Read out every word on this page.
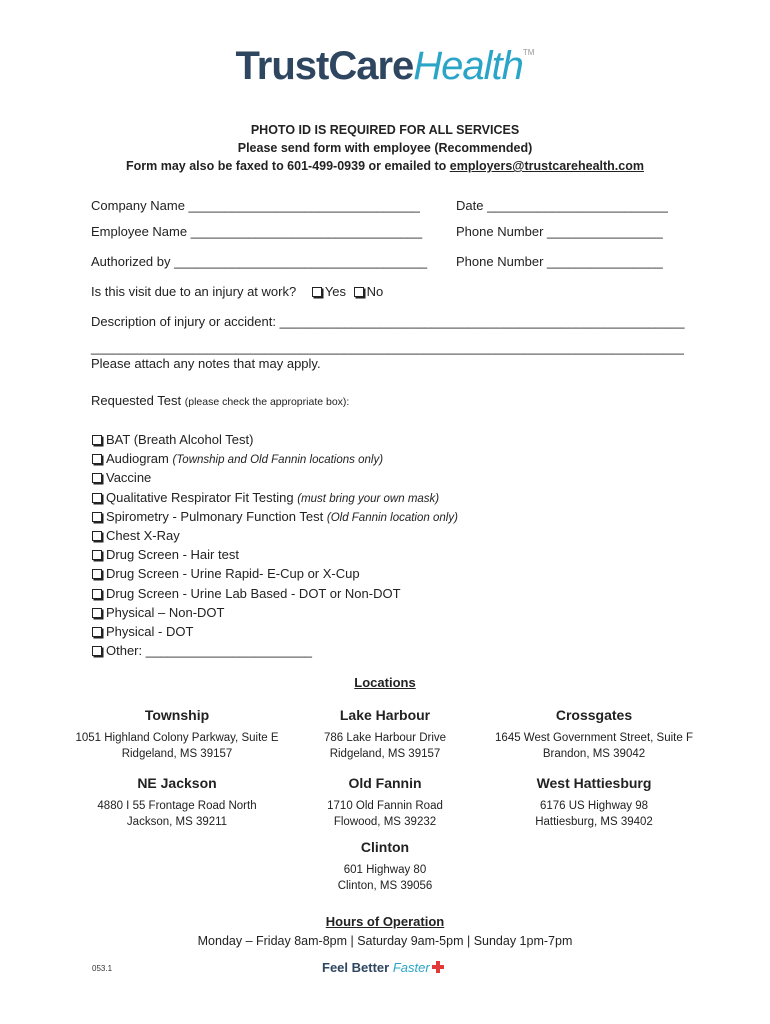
TrustCareHealth™
PHOTO ID IS REQUIRED FOR ALL SERVICES
Please send form with employee (Recommended)
Form may also be faxed to 601-499-0939 or emailed to employers@trustcarehealth.com
Company Name ________________________________	Date _________________________
Employee Name ________________________________	Phone Number ________________
Authorized by ___________________________________ Phone Number ________________
Is this visit due to an injury at work? Yes No
Description of injury or accident: ________________________________________________________
__________________________________________________________________________________
Please attach any notes that may apply.
Requested Test (please check the appropriate box):
BAT (Breath Alcohol Test)
Audiogram (Township and Old Fannin locations only)
Vaccine
Qualitative Respirator Fit Testing (must bring your own mask)
Spirometry - Pulmonary Function Test (Old Fannin location only)
Chest X-Ray
Drug Screen - Hair test
Drug Screen - Urine Rapid- E-Cup or X-Cup
Drug Screen - Urine Lab Based - DOT or Non-DOT
Physical – Non-DOT
Physical - DOT
Other: _______________________
Locations
Township
1051 Highland Colony Parkway, Suite E
Ridgeland, MS 39157
Lake Harbour
786 Lake Harbour Drive
Ridgeland, MS 39157
Crossgates
1645 West Government Street, Suite F
Brandon, MS 39042
NE Jackson
4880 I 55 Frontage Road North
Jackson, MS 39211
Old Fannin
1710 Old Fannin Road
Flowood, MS 39232
West Hattiesburg
6176 US Highway 98
Hattiesburg, MS 39402
Clinton
601 Highway 80
Clinton, MS 39056
Hours of Operation
Monday – Friday 8am-8pm | Saturday 9am-5pm | Sunday 1pm-7pm
053.1	Feel Better Faster
